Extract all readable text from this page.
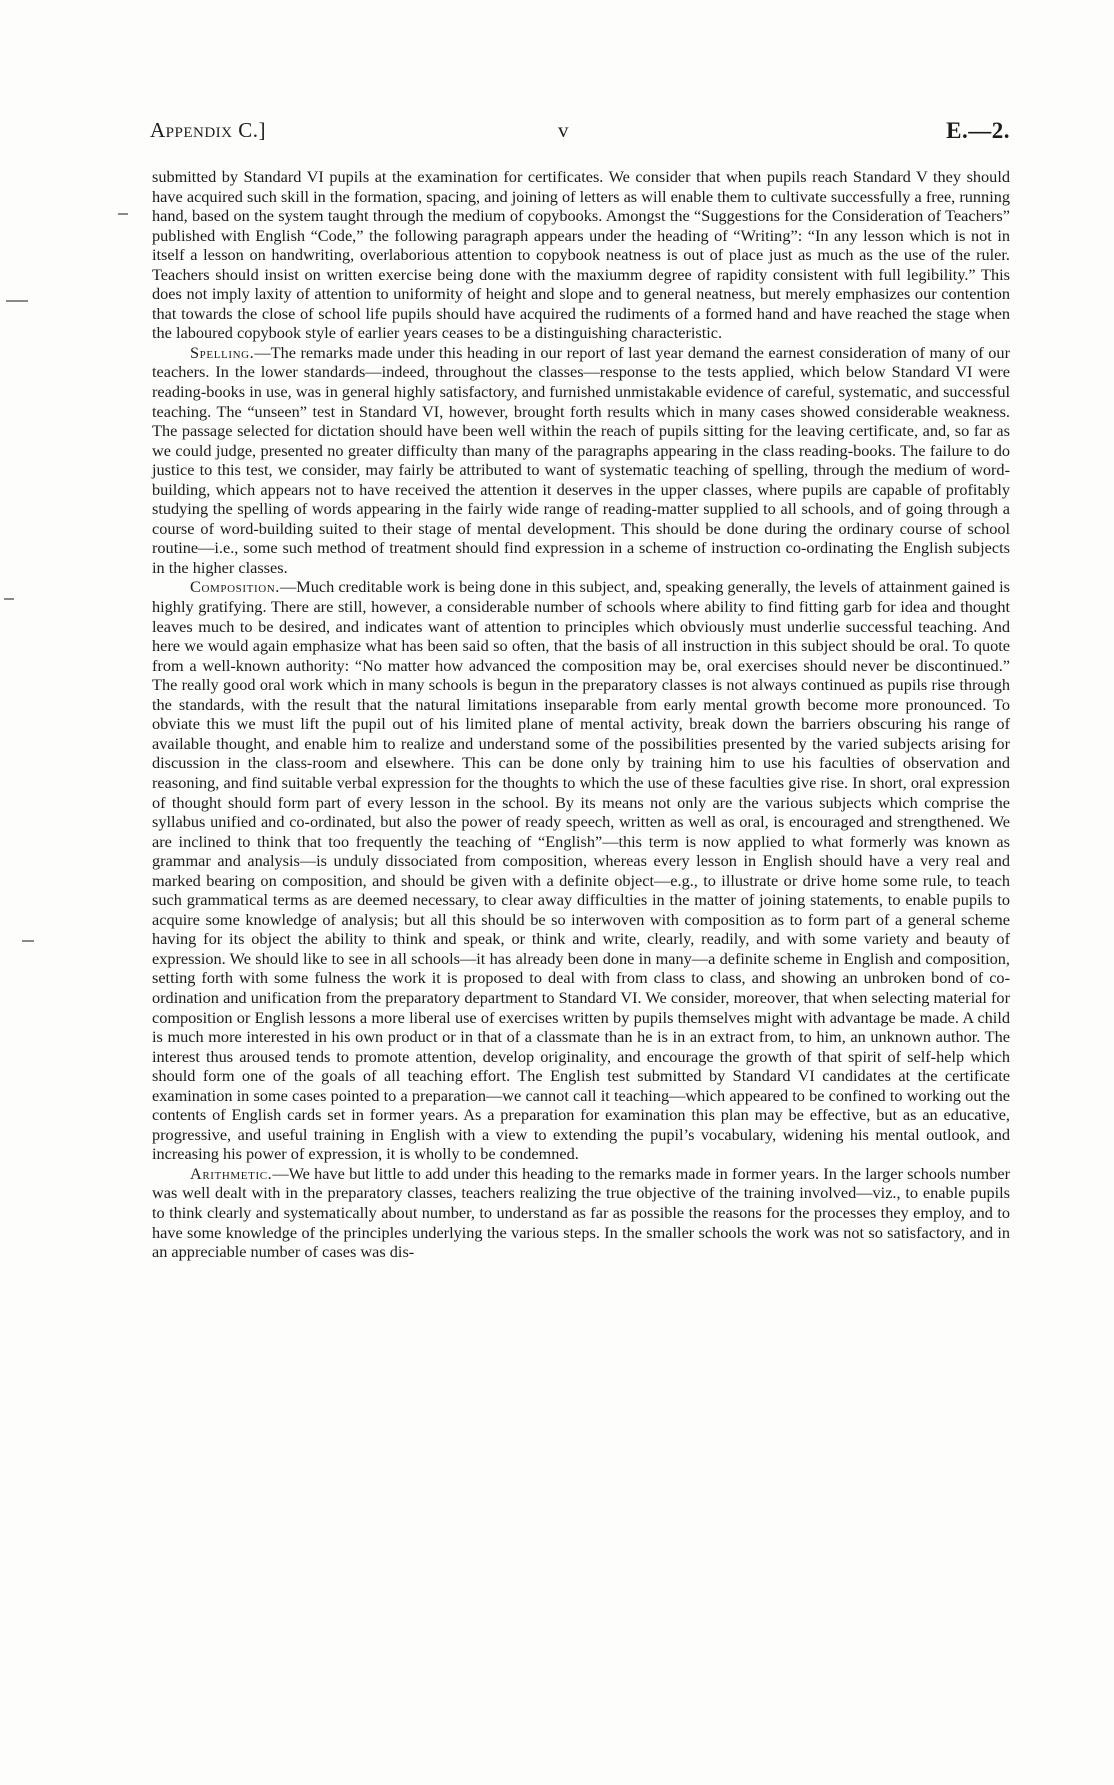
Appendix C.]	v	E.—2.

submitted by Standard VI pupils at the examination for certificates. We consider that when pupils reach Standard V they should have acquired such skill in the formation, spacing, and joining of letters as will enable them to cultivate successfully a free, running hand, based on the system taught through the medium of copybooks. Amongst the “Suggestions for the Consideration of Teachers” published with English “Code,” the following paragraph appears under the heading of “Writing”: “In any lesson which is not in itself a lesson on handwriting, overlaborious attention to copybook neatness is out of place just as much as the use of the ruler. Teachers should insist on written exercise being done with the maxiumm degree of rapidity consistent with full legibility.” This does not imply laxity of attention to uniformity of height and slope and to general neatness, but merely emphasizes our contention that towards the close of school life pupils should have acquired the rudiments of a formed hand and have reached the stage when the laboured copybook style of earlier years ceases to be a distinguishing characteristic.

Spelling.—The remarks made under this heading in our report of last year demand the earnest consideration of many of our teachers. In the lower standards—indeed, throughout the classes—response to the tests applied, which below Standard VI were reading-books in use, was in general highly satisfactory, and furnished unmistakable evidence of careful, systematic, and successful teaching. The “unseen” test in Standard VI, however, brought forth results which in many cases showed considerable weakness. The passage selected for dictation should have been well within the reach of pupils sitting for the leaving certificate, and, so far as we could judge, presented no greater difficulty than many of the paragraphs appearing in the class reading-books. The failure to do justice to this test, we consider, may fairly be attributed to want of systematic teaching of spelling, through the medium of word-building, which appears not to have received the attention it deserves in the upper classes, where pupils are capable of profitably studying the spelling of words appearing in the fairly wide range of reading-matter supplied to all schools, and of going through a course of word-building suited to their stage of mental development. This should be done during the ordinary course of school routine—i.e., some such method of treatment should find expression in a scheme of instruction co-ordinating the English subjects in the higher classes.

Composition.—Much creditable work is being done in this subject, and, speaking generally, the levels of attainment gained is highly gratifying. There are still, however, a considerable number of schools where ability to find fitting garb for idea and thought leaves much to be desired, and indicates want of attention to principles which obviously must underlie successful teaching. And here we would again emphasize what has been said so often, that the basis of all instruction in this subject should be oral. To quote from a well-known authority: “No matter how advanced the composition may be, oral exercises should never be discontinued.” The really good oral work which in many schools is begun in the preparatory classes is not always continued as pupils rise through the standards, with the result that the natural limitations inseparable from early mental growth become more pronounced. To obviate this we must lift the pupil out of his limited plane of mental activity, break down the barriers obscuring his range of available thought, and enable him to realize and understand some of the possibilities presented by the varied subjects arising for discussion in the class-room and elsewhere. This can be done only by training him to use his faculties of observation and reasoning, and find suitable verbal expression for the thoughts to which the use of these faculties give rise. In short, oral expression of thought should form part of every lesson in the school. By its means not only are the various subjects which comprise the syllabus unified and co-ordinated, but also the power of ready speech, written as well as oral, is encouraged and strengthened. We are inclined to think that too frequently the teaching of “English”—this term is now applied to what formerly was known as grammar and analysis—is unduly dissociated from composition, whereas every lesson in English should have a very real and marked bearing on composition, and should be given with a definite object—e.g., to illustrate or drive home some rule, to teach such grammatical terms as are deemed necessary, to clear away difficulties in the matter of joining statements, to enable pupils to acquire some knowledge of analysis; but all this should be so interwoven with composition as to form part of a general scheme having for its object the ability to think and speak, or think and write, clearly, readily, and with some variety and beauty of expression. We should like to see in all schools—it has already been done in many—a definite scheme in English and composition, setting forth with some fulness the work it is proposed to deal with from class to class, and showing an unbroken bond of co-ordination and unification from the preparatory department to Standard VI. We consider, moreover, that when selecting material for composition or English lessons a more liberal use of exercises written by pupils themselves might with advantage be made. A child is much more interested in his own product or in that of a classmate than he is in an extract from, to him, an unknown author. The interest thus aroused tends to promote attention, develop originality, and encourage the growth of that spirit of self-help which should form one of the goals of all teaching effort. The English test submitted by Standard VI candidates at the certificate examination in some cases pointed to a preparation—we cannot call it teaching—which appeared to be confined to working out the contents of English cards set in former years. As a preparation for examination this plan may be effective, but as an educative, progressive, and useful training in English with a view to extending the pupil’s vocabulary, widening his mental outlook, and increasing his power of expression, it is wholly to be condemned.

Arithmetic.—We have but little to add under this heading to the remarks made in former years. In the larger schools number was well dealt with in the preparatory classes, teachers realizing the true objective of the training involved—viz., to enable pupils to think clearly and systematically about number, to understand as far as possible the reasons for the processes they employ, and to have some knowledge of the principles underlying the various steps. In the smaller schools the work was not so satisfactory, and in an appreciable number of cases was dis-
